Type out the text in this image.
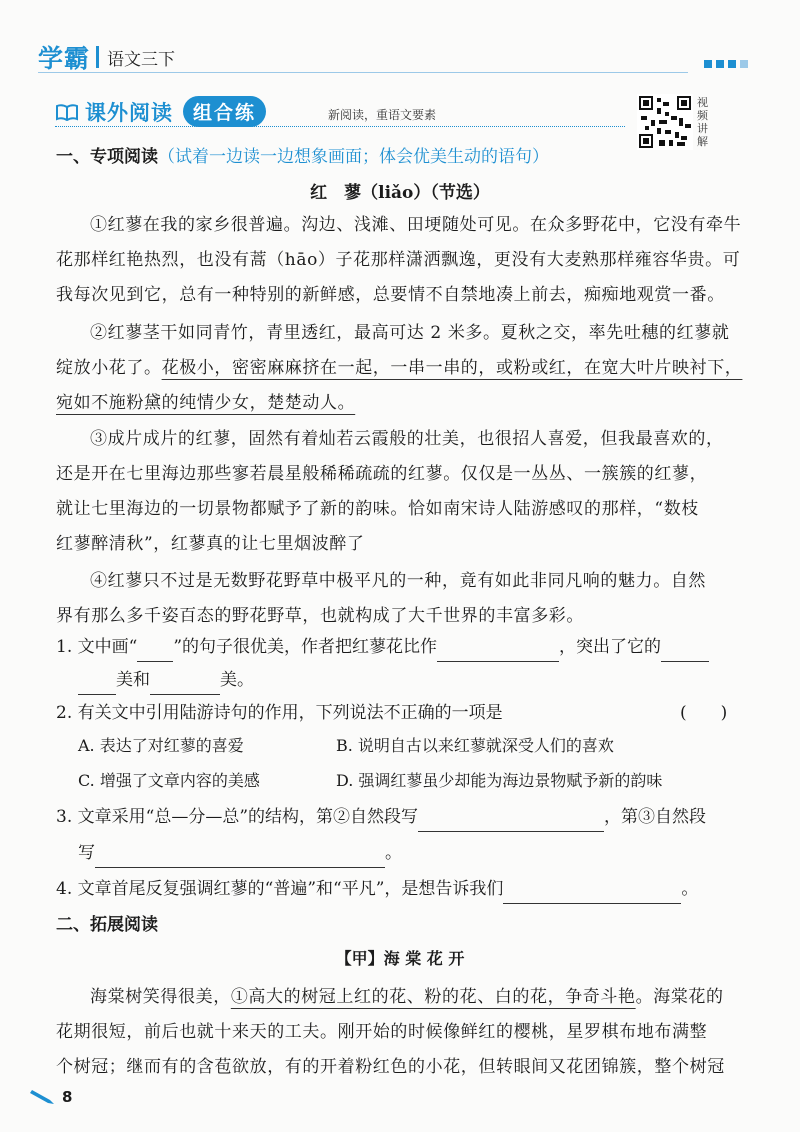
学霸 语文三下
课外阅读	组合练	新阅读，重语文要素
视频讲解
一、专项阅读（试着一边读一边想象画面；体会优美生动的语句）
红　蓼（liǎo）（节选）
①红蓼在我的家乡很普遍。沟边、浅滩、田埂随处可见。在众多野花中，它没有牵牛
花那样红艳热烈，也没有蒿（hāo）子花那样潇洒飘逸，更没有大麦熟那样雍容华贵。可
我每次见到它，总有一种特别的新鲜感，总要情不自禁地凑上前去，痴痴地观赏一番。
②红蓼茎干如同青竹，青里透红，最高可达 2 米多。夏秋之交，率先吐穗的红蓼就
绽放小花了。花极小，密密麻麻挤在一起，一串一串的，或粉或红，在宽大叶片映衬下，
宛如不施粉黛的纯情少女，楚楚动人。
③成片成片的红蓼，固然有着灿若云霞般的壮美，也很招人喜爱，但我最喜欢的，
还是开在七里海边那些寥若晨星般稀稀疏疏的红蓼。仅仅是一丛丛、一簇簇的红蓼，
就让七里海边的一切景物都赋予了新的韵味。恰如南宋诗人陆游感叹的那样，“数枝
红蓼醉清秋”，红蓼真的让七里烟波醉了
④红蓼只不过是无数野花野草中极平凡的一种，竟有如此非同凡响的魅力。自然
界有那么多千姿百态的野花野草，也就构成了大千世界的丰富多彩。
1. 文中画“ ”的句子很优美，作者把红蓼花比作	，突出了它的
美和	美。
2. 有关文中引用陆游诗句的作用，下列说法不正确的一项是	(　　)
A. 表达了对红蓼的喜爱	B. 说明自古以来红蓼就深受人们的喜欢
C. 增强了文章内容的美感	D. 强调红蓼虽少却能为海边景物赋予新的韵味
3. 文章采用“总—分—总”的结构，第②自然段写	，第③自然段
写	。
4. 文章首尾反复强调红蓼的“普遍”和“平凡”，是想告诉我们	。
二、拓展阅读
【甲】海 棠 花 开
海棠树笑得很美，①高大的树冠上红的花、粉的花、白的花，争奇斗艳。海棠花的
花期很短，前后也就十来天的工夫。刚开始的时候像鲜红的樱桃，星罗棋布地布满整
个树冠；继而有的含苞欲放，有的开着粉红色的小花，但转眼间又花团锦簇，整个树冠
8
